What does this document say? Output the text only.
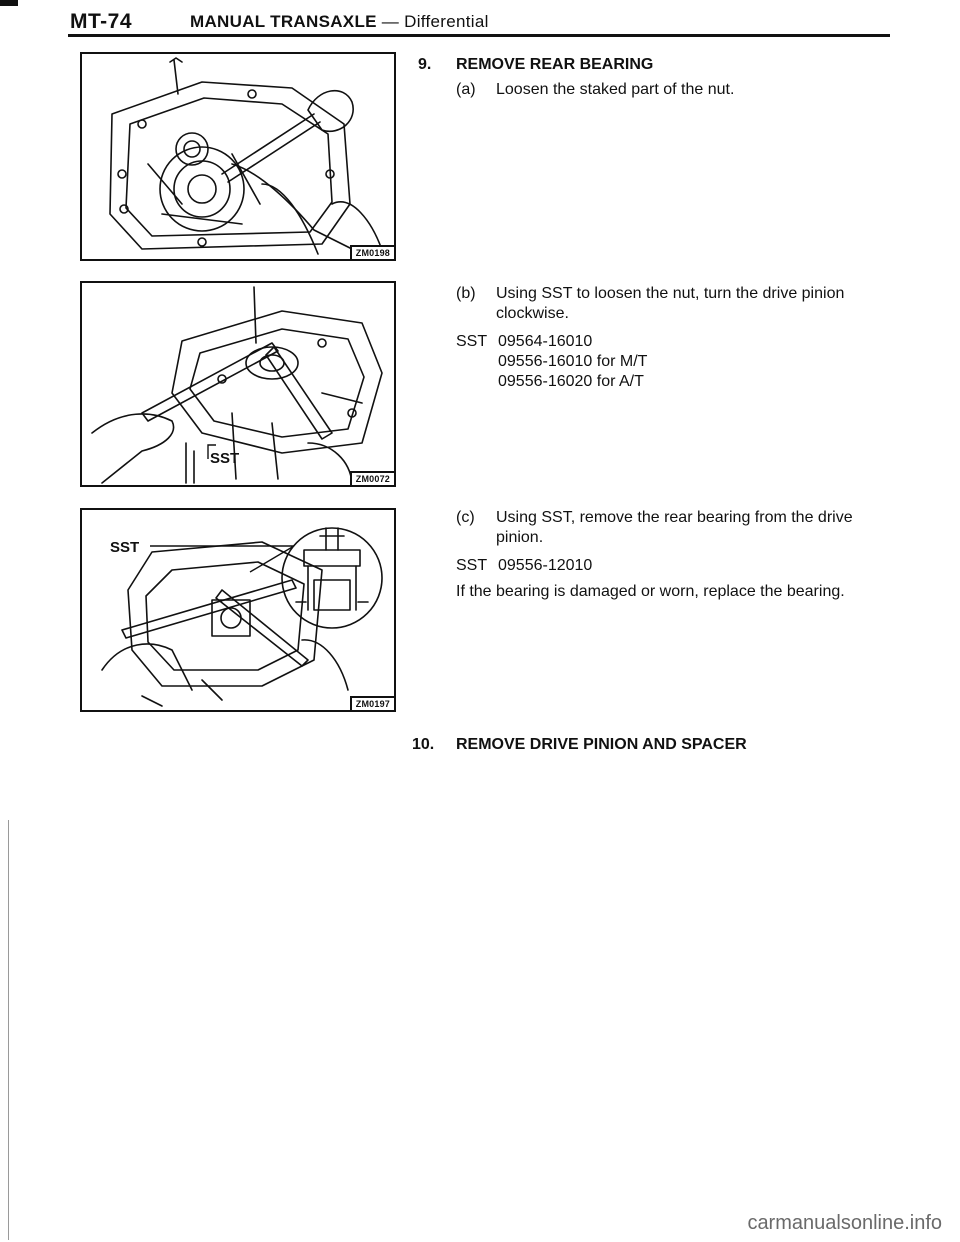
MT-74	MANUAL TRANSAXLE — Differential
ZM0198
SST
ZM0072
SST
ZM0197
9. REMOVE REAR BEARING
(a) Loosen the staked part of the nut.
(b) Using SST to loosen the nut, turn the drive pinion
clockwise.
SST 09564-16010
09556-16010 for M/T
09556-16020 for A/T
(c) Using SST, remove the rear bearing from the drive
pinion.
SST 09556-12010
If the bearing is damaged or worn, replace the bearing.
10. REMOVE DRIVE PINION AND SPACER
carmanualsonline.info
